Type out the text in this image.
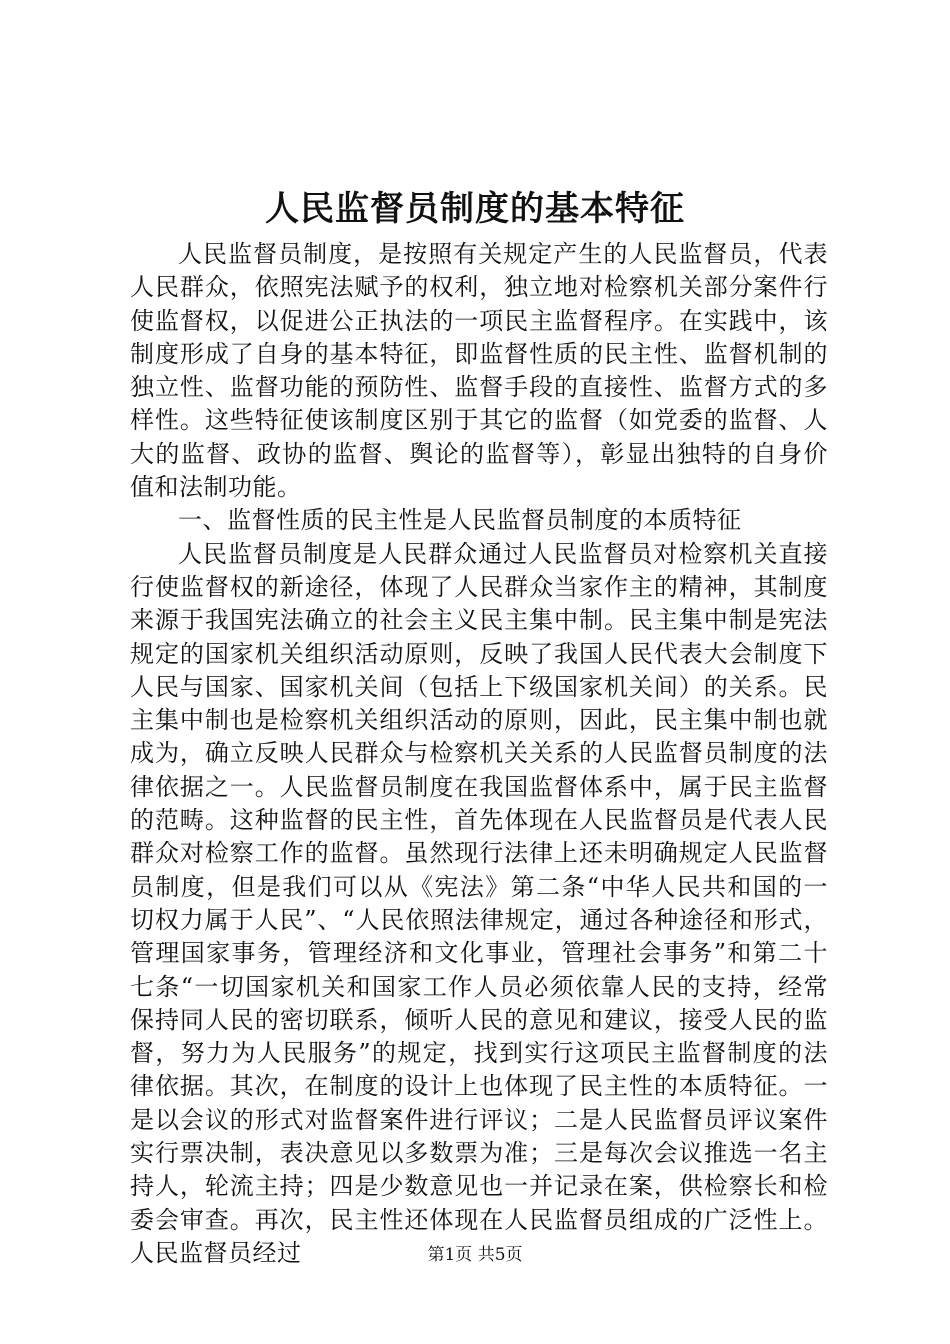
人民监督员制度的基本特征

人民监督员制度，是按照有关规定产生的人民监督员，代表人民群众，依照宪法赋予的权利，独立地对检察机关部分案件行使监督权，以促进公正执法的一项民主监督程序。在实践中，该制度形成了自身的基本特征，即监督性质的民主性、监督机制的独立性、监督功能的预防性、监督手段的直接性、监督方式的多样性。这些特征使该制度区别于其它的监督（如党委的监督、人大的监督、政协的监督、舆论的监督等），彰显出独特的自身价值和法制功能。

一、监督性质的民主性是人民监督员制度的本质特征

人民监督员制度是人民群众通过人民监督员对检察机关直接行使监督权的新途径，体现了人民群众当家作主的精神，其制度来源于我国宪法确立的社会主义民主集中制。民主集中制是宪法规定的国家机关组织活动原则，反映了我国人民代表大会制度下人民与国家、国家机关间（包括上下级国家机关间）的关系。民主集中制也是检察机关组织活动的原则，因此，民主集中制也就成为，确立反映人民群众与检察机关关系的人民监督员制度的法律依据之一。人民监督员制度在我国监督体系中，属于民主监督的范畴。这种监督的民主性，首先体现在人民监督员是代表人民群众对检察工作的监督。虽然现行法律上还未明确规定人民监督员制度，但是我们可以从《宪法》第二条“中华人民共和国的一切权力属于人民”、“人民依照法律规定，通过各种途径和形式，管理国家事务，管理经济和文化事业，管理社会事务”和第二十七条“一切国家机关和国家工作人员必须依靠人民的支持，经常保持同人民的密切联系，倾听人民的意见和建议，接受人民的监督，努力为人民服务”的规定，找到实行这项民主监督制度的法律依据。其次，在制度的设计上也体现了民主性的本质特征。一是以会议的形式对监督案件进行评议；二是人民监督员评议案件实行票决制，表决意见以多数票为准；三是每次会议推选一名主持人，轮流主持；四是少数意见也一并记录在案，供检察长和检委会审查。再次，民主性还体现在人民监督员组成的广泛性上。人民监督员经过	第1页 共5页
